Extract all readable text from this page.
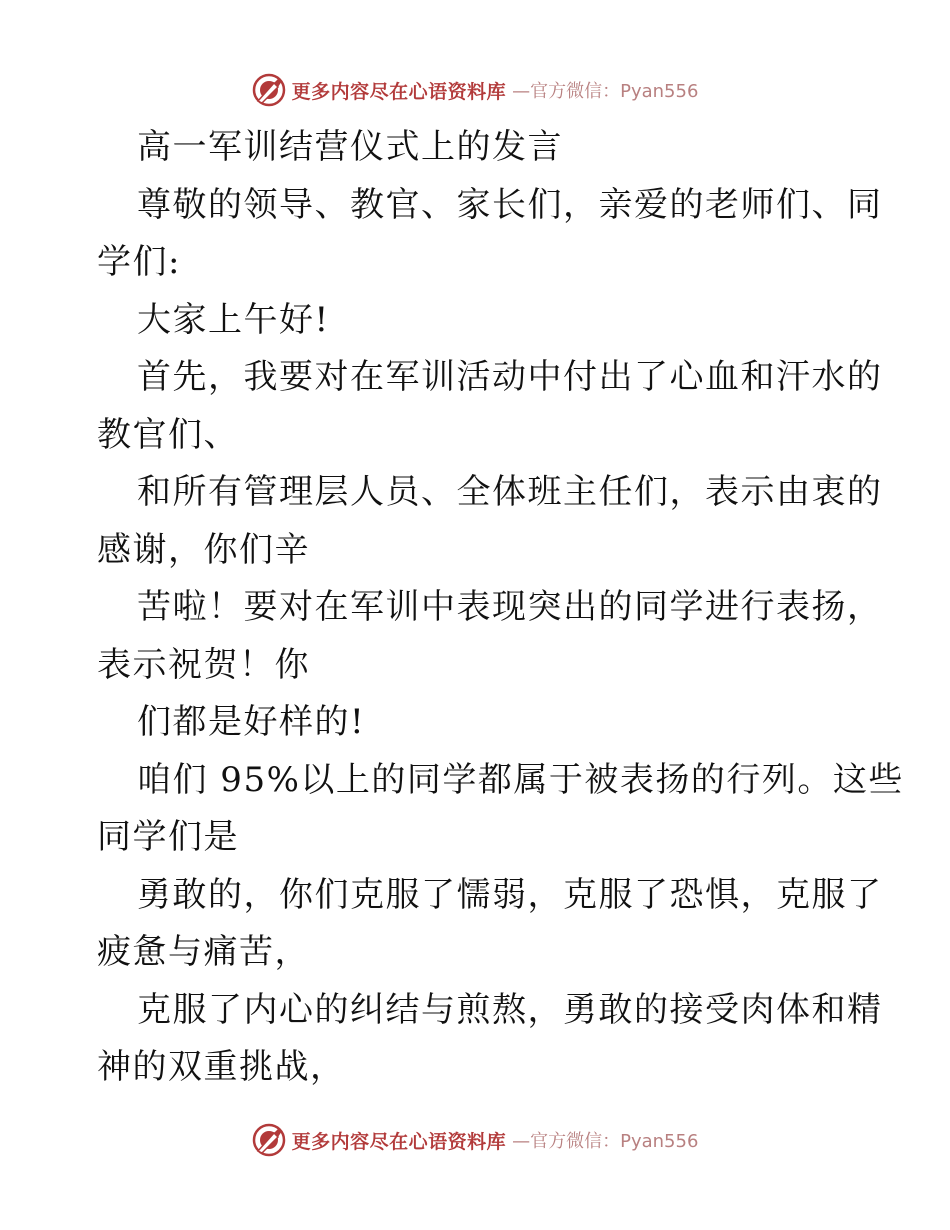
更多内容尽在心语资料库 —官方微信：Pyan556
高一军训结营仪式上的发言
尊敬的领导、教官、家长们，亲爱的老师们、同
学们:
大家上午好!
首先，我要对在军训活动中付出了心血和汗水的
教官们、
和所有管理层人员、全体班主任们，表示由衷的
感谢，你们辛
苦啦！要对在军训中表现突出的同学进行表扬，
表示祝贺！你
们都是好样的!
咱们 95%以上的同学都属于被表扬的行列。这些
同学们是
勇敢的，你们克服了懦弱，克服了恐惧，克服了
疲惫与痛苦，
克服了内心的纠结与煎熬，勇敢的接受肉体和精
神的双重挑战，
更多内容尽在心语资料库 —官方微信：Pyan556
